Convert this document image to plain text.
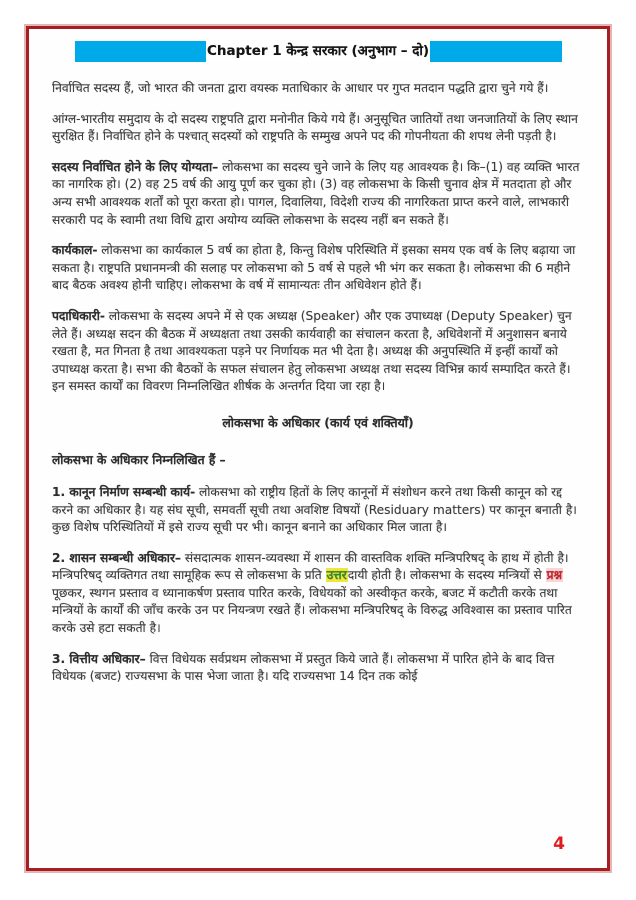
Chapter 1 केन्द्र सरकार (अनुभाग – दो)

निर्वाचित सदस्य हैं, जो भारत की जनता द्वारा वयस्क मताधिकार के आधार पर गुप्त मतदान पद्धति द्वारा चुने गये हैं।

आंग्ल-भारतीय समुदाय के दो सदस्य राष्ट्रपति द्वारा मनोनीत किये गये हैं। अनुसूचित जातियों तथा जनजातियों के लिए स्थान सुरक्षित हैं। निर्वाचित होने के पश्चात् सदस्यों को राष्ट्रपति के सम्मुख अपने पद की गोपनीयता की शपथ लेनी पड़ती है।

सदस्य निर्वाचित होने के लिए योग्यता– लोकसभा का सदस्य चुने जाने के लिए यह आवश्यक है। कि–(1) वह व्यक्ति भारत का नागरिक हो। (2) वह 25 वर्ष की आयु पूर्ण कर चुका हो। (3) वह लोकसभा के किसी चुनाव क्षेत्र में मतदाता हो और अन्य सभी आवश्यक शर्तों को पूरा करता हो। पागल, दिवालिया, विदेशी राज्य की नागरिकता प्राप्त करने वाले, लाभकारी सरकारी पद के स्वामी तथा विधि द्वारा अयोग्य व्यक्ति लोकसभा के सदस्य नहीं बन सकते हैं।

कार्यकाल- लोकसभा का कार्यकाल 5 वर्ष का होता है, किन्तु विशेष परिस्थिति में इसका समय एक वर्ष के लिए बढ़ाया जा सकता है। राष्ट्रपति प्रधानमन्त्री की सलाह पर लोकसभा को 5 वर्ष से पहले भी भंग कर सकता है। लोकसभा की 6 महीने बाद बैठक अवश्य होनी चाहिए। लोकसभा के वर्ष में सामान्यतः तीन अधिवेशन होते हैं।

पदाधिकारी- लोकसभा के सदस्य अपने में से एक अध्यक्ष (Speaker) और एक उपाध्यक्ष (Deputy Speaker) चुन लेते हैं। अध्यक्ष सदन की बैठक में अध्यक्षता तथा उसकी कार्यवाही का संचालन करता है, अधिवेशनों में अनुशासन बनाये रखता है, मत गिनता है तथा आवश्यकता पड़ने पर निर्णायक मत भी देता है। अध्यक्ष की अनुपस्थिति में इन्हीं कार्यों को उपाध्यक्ष करता है। सभा की बैठकों के सफल संचालन हेतु लोकसभा अध्यक्ष तथा सदस्य विभिन्न कार्य सम्पादित करते हैं। इन समस्त कार्यों का विवरण निम्नलिखित शीर्षक के अन्तर्गत दिया जा रहा है।

लोकसभा के अधिकार (कार्य एवं शक्तियाँ)
लोकसभा के अधिकार निम्नलिखित हैं –

1. कानून निर्माण सम्बन्धी कार्य- लोकसभा को राष्ट्रीय हितों के लिए कानूनों में संशोधन करने तथा किसी कानून को रद्द करने का अधिकार है। यह संघ सूची, समवर्ती सूची तथा अवशिष्ट विषयों (Residuary matters) पर कानून बनाती है। कुछ विशेष परिस्थितियों में इसे राज्य सूची पर भी। कानून बनाने का अधिकार मिल जाता है।

2. शासन सम्बन्धी अधिकार– संसदात्मक शासन-व्यवस्था में शासन की वास्तविक शक्ति मन्त्रिपरिषद् के हाथ में होती है। मन्त्रिपरिषद् व्यक्तिगत तथा सामूहिक रूप से लोकसभा के प्रति उत्तरदायी होती है। लोकसभा के सदस्य मन्त्रियों से प्रश्न पूछकर, स्थगन प्रस्ताव व ध्यानाकर्षण प्रस्ताव पारित करके, विधेयकों को अस्वीकृत करके, बजट में कटौती करके तथा मन्त्रियों के कार्यों की जाँच करके उन पर नियन्त्रण रखते हैं। लोकसभा मन्त्रिपरिषद् के विरुद्ध अविश्वास का प्रस्ताव पारित करके उसे हटा सकती है।

3. वित्तीय अधिकार– वित्त विधेयक सर्वप्रथम लोकसभा में प्रस्तुत किये जाते हैं। लोकसभा में पारित होने के बाद वित्त विधेयक (बजट) राज्यसभा के पास भेजा जाता है। यदि राज्यसभा 14 दिन तक कोई

4
